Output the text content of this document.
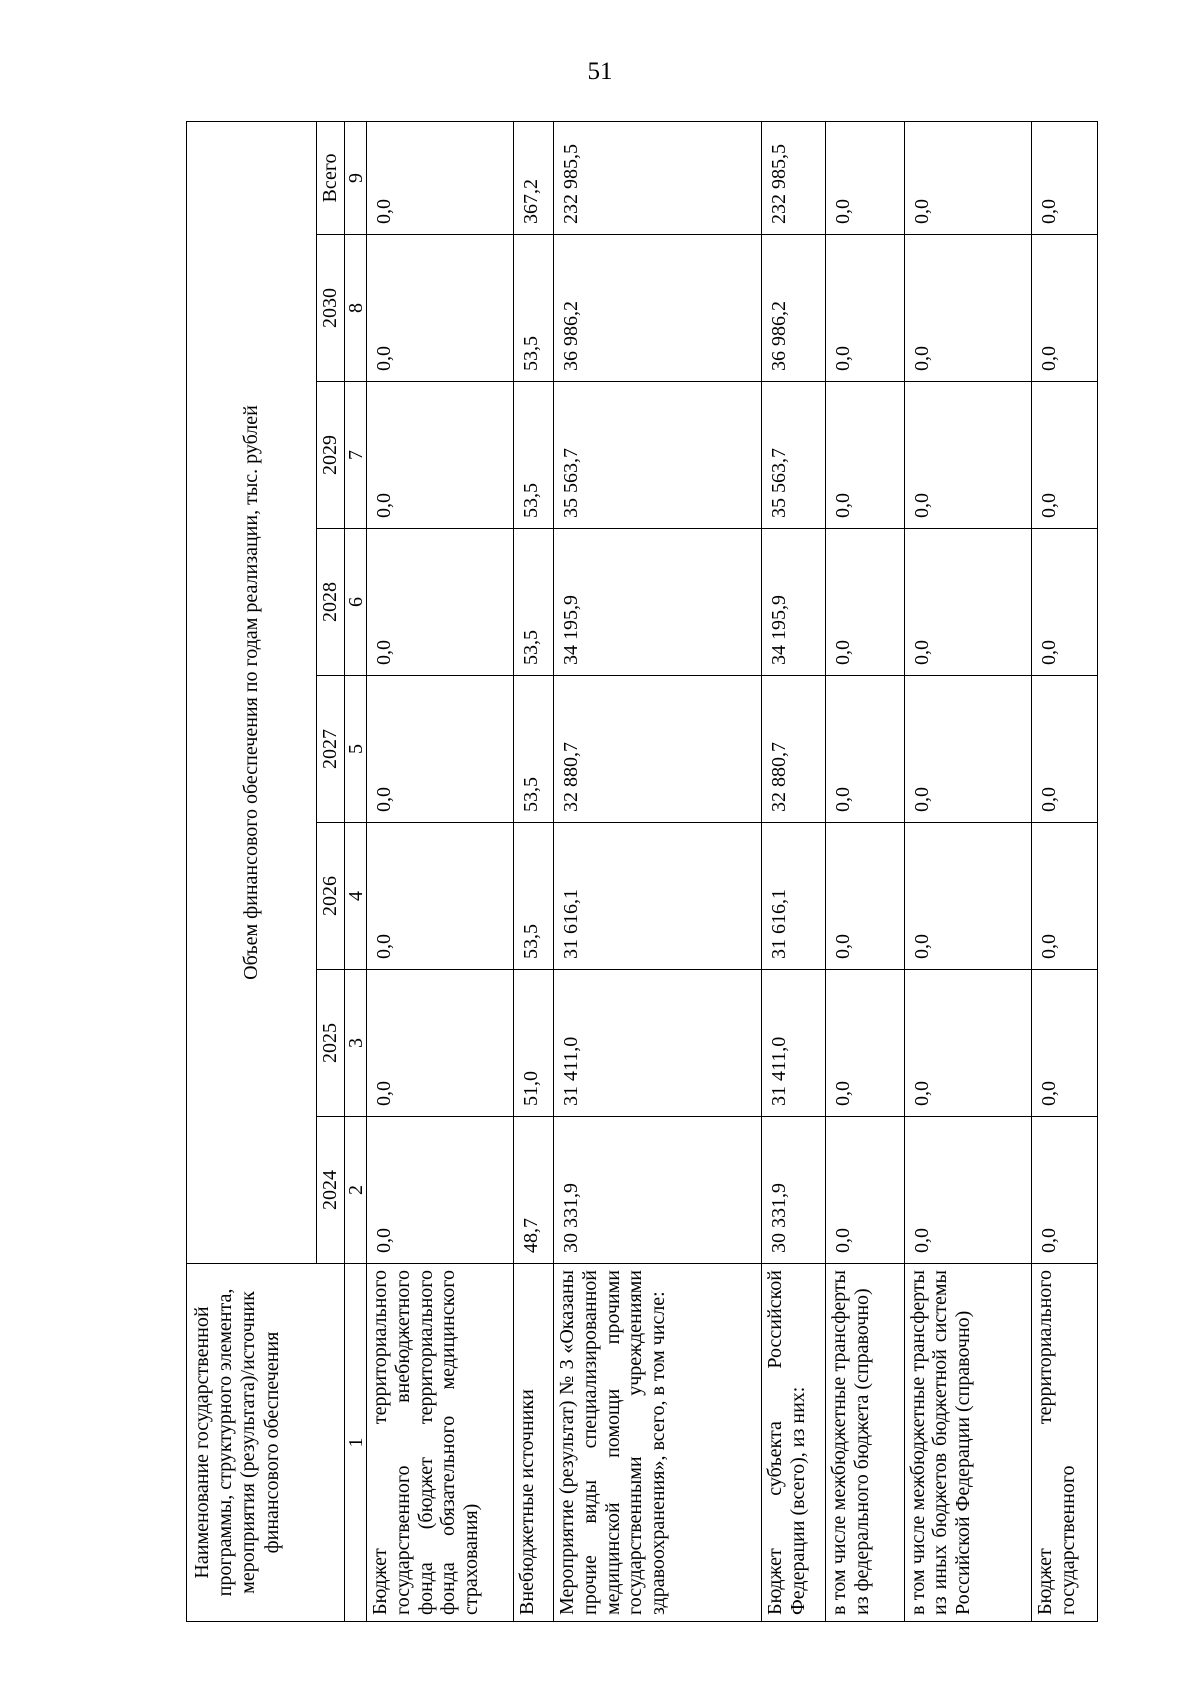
51
Наименование государственной программы, структурного элемента, мероприятия (результата)/источник финансового обеспечения	Объем финансового обеспечения по годам реализации, тыс. рублей							
	2024	2025	2026	2027	2028	2029	2030	Всего
1	2	3	4	5	6	7	8	9
Бюджет территориального государственного внебюджетного фонда (бюджет территориального фонда обязательного медицинского страхования)	0,0	0,0	0,0	0,0	0,0	0,0	0,0	0,0
Внебюджетные источники	48,7	51,0	53,5	53,5	53,5	53,5	53,5	367,2
Мероприятие (результат) № 3 «Оказаны прочие виды специализированной медицинской помощи прочими государственными учреждениями здравоохранения», всего, в том числе:	30 331,9	31 411,0	31 616,1	32 880,7	34 195,9	35 563,7	36 986,2	232 985,5
Бюджет субъекта Российской Федерации (всего), из них:	30 331,9	31 411,0	31 616,1	32 880,7	34 195,9	35 563,7	36 986,2	232 985,5
в том числе межбюджетные трансферты из федерального бюджета (справочно)	0,0	0,0	0,0	0,0	0,0	0,0	0,0	0,0
в том числе межбюджетные трансферты из иных бюджетов бюджетной системы Российской Федерации (справочно)	0,0	0,0	0,0	0,0	0,0	0,0	0,0	0,0
Бюджет территориального государственного	0,0	0,0	0,0	0,0	0,0	0,0	0,0	0,0
